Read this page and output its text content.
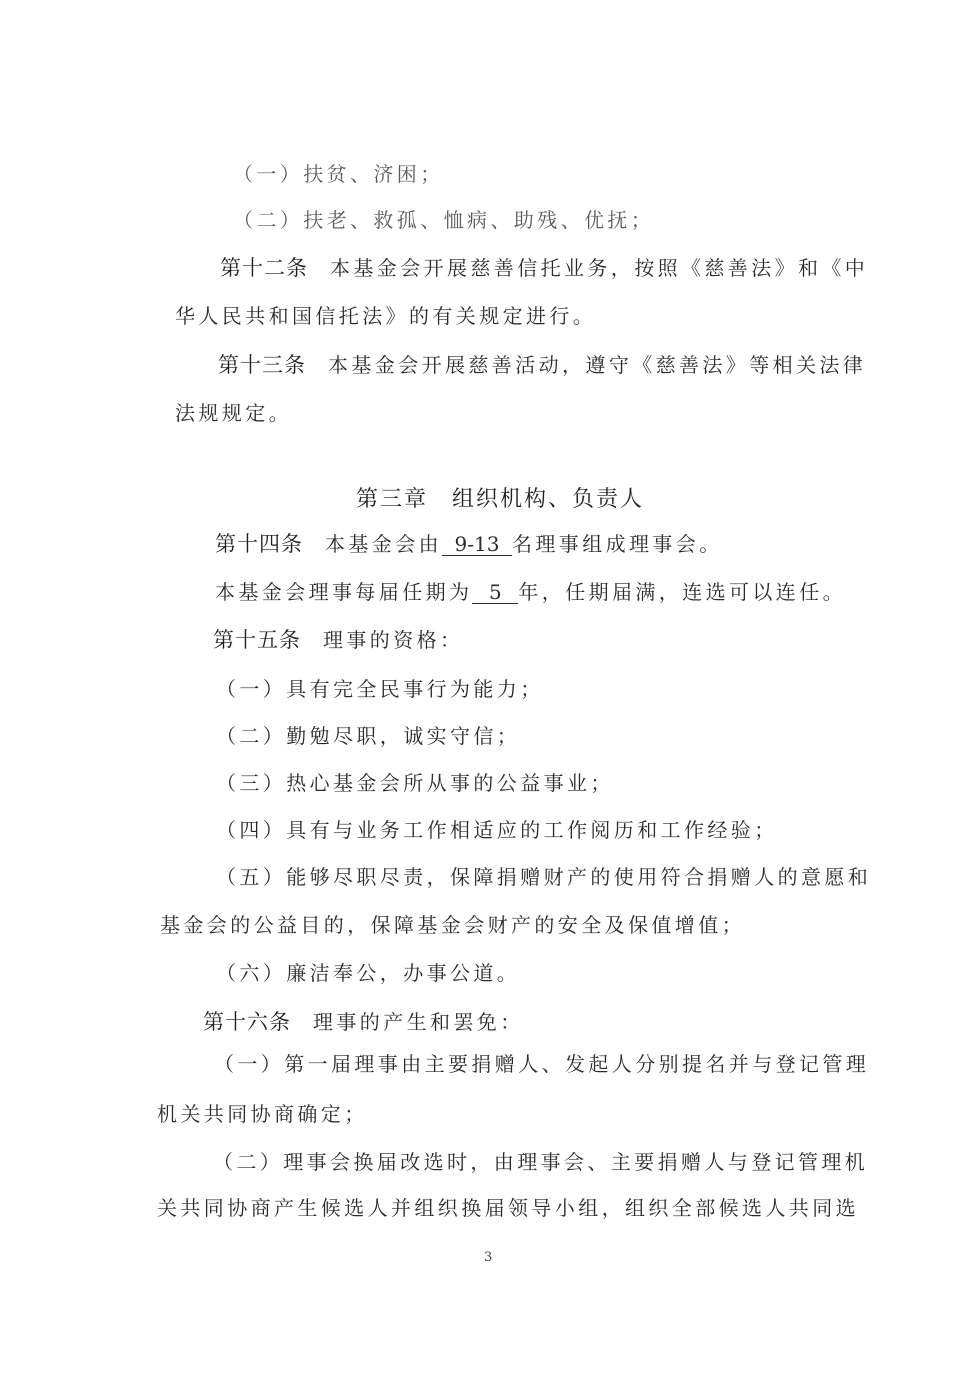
（一）扶贫、济困；
（二）扶老、救孤、恤病、助残、优抚；
第十二条 本基金会开展慈善信托业务，按照《慈善法》和《中
华人民共和国信托法》的有关规定进行。
第十三条 本基金会开展慈善活动，遵守《慈善法》等相关法律
法规规定。
第三章　组织机构、负责人
第十四条 本基金会由 9-13 名理事组成理事会。
本基金会理事每届任期为 5 年，任期届满，连选可以连任。
第十五条 理事的资格：
（一）具有完全民事行为能力；
（二）勤勉尽职，诚实守信；
（三）热心基金会所从事的公益事业；
（四）具有与业务工作相适应的工作阅历和工作经验；
（五）能够尽职尽责，保障捐赠财产的使用符合捐赠人的意愿和
基金会的公益目的，保障基金会财产的安全及保值增值；
（六）廉洁奉公，办事公道。
第十六条 理事的产生和罢免：
（一）第一届理事由主要捐赠人、发起人分别提名并与登记管理
机关共同协商确定；
（二）理事会换届改选时，由理事会、主要捐赠人与登记管理机
关共同协商产生候选人并组织换届领导小组，组织全部候选人共同选
3
